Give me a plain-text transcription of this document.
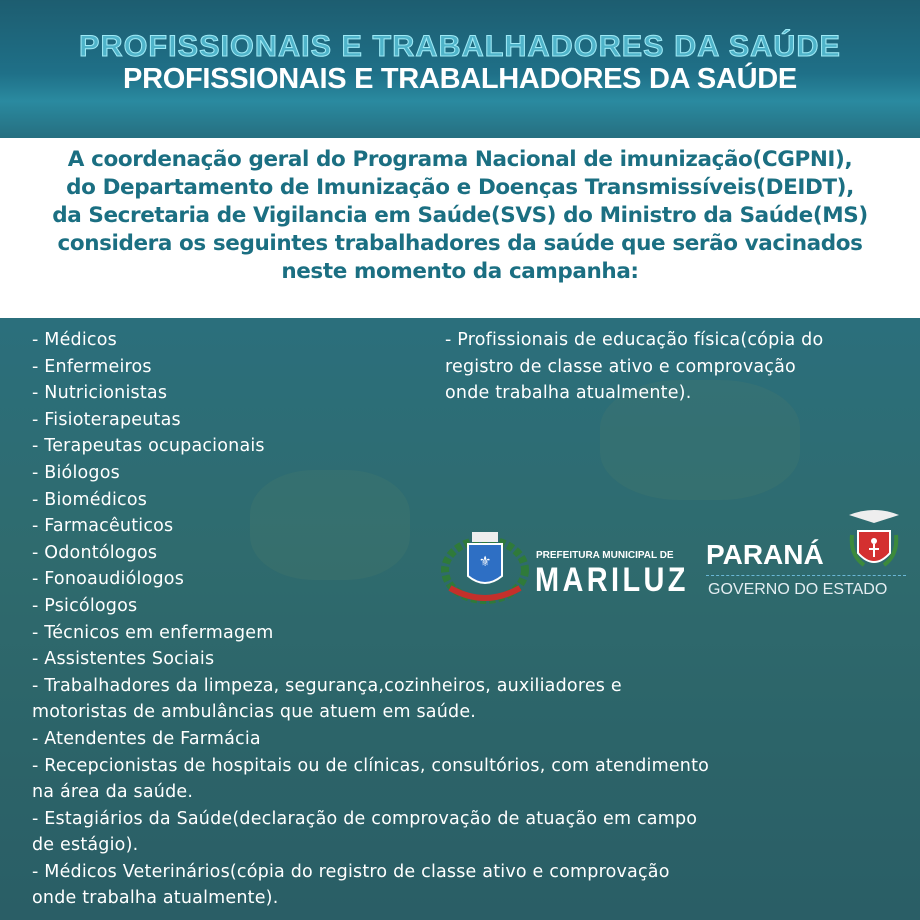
PROFISSIONAIS E TRABALHADORES DA SAÚDE
PROFISSIONAIS E TRABALHADORES DA SAÚDE
A coordenação geral do Programa Nacional de imunização(CGPNI),
do Departamento de Imunização e Doenças Transmissíveis(DEIDT),
da Secretaria de Vigilancia em Saúde(SVS) do Ministro da Saúde(MS)
considera os seguintes trabalhadores da saúde que serão vacinados
neste momento da campanha:
- Médicos
- Enfermeiros
- Nutricionistas
- Fisioterapeutas
- Terapeutas ocupacionais
- Biólogos
- Biomédicos
- Farmacêuticos
- Odontólogos
- Fonoaudiólogos
- Psicólogos
- Técnicos em enfermagem
- Assistentes Sociais
- Trabalhadores da limpeza, segurança,cozinheiros, auxiliadores e
motoristas de ambulâncias que atuem em saúde.
- Atendentes de Farmácia
- Recepcionistas de hospitais ou de clínicas, consultórios, com atendimento
na área da saúde.
- Estagiários da Saúde(declaração de comprovação de atuação em campo
de estágio).
- Médicos Veterinários(cópia do registro de classe ativo e comprovação
onde trabalha atualmente).
- Profissionais de educação física(cópia do
registro de classe ativo e comprovação
onde trabalha atualmente).
⚜	PREFEITURA MUNICIPAL DE
MARILUZ
PARANÁ
GOVERNO DO ESTADO
